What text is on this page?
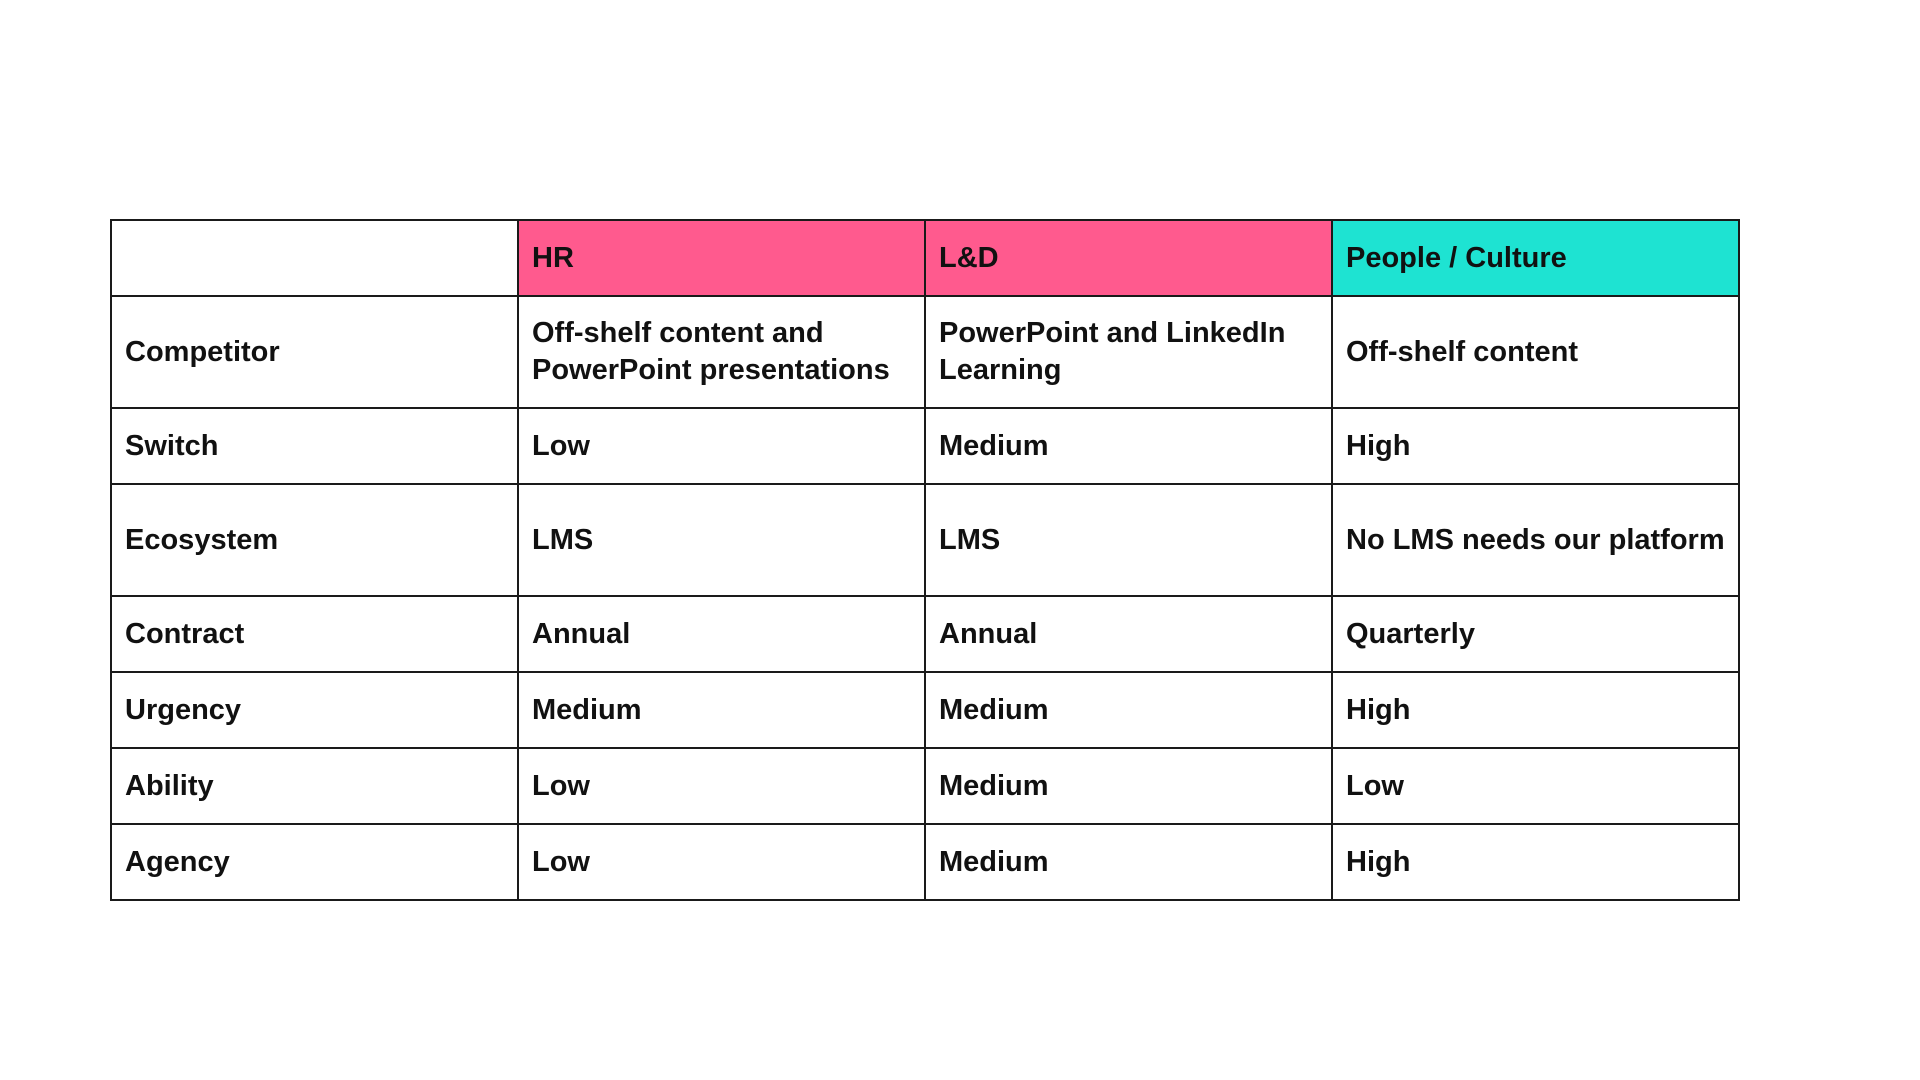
	HR	L&D	People / Culture
Competitor	Off-shelf content and PowerPoint presentations	PowerPoint and LinkedIn Learning	Off-shelf content
Switch	Low	Medium	High
Ecosystem	LMS	LMS	No LMS needs our platform
Contract	Annual	Annual	Quarterly
Urgency	Medium	Medium	High
Ability	Low	Medium	Low
Agency	Low	Medium	High
